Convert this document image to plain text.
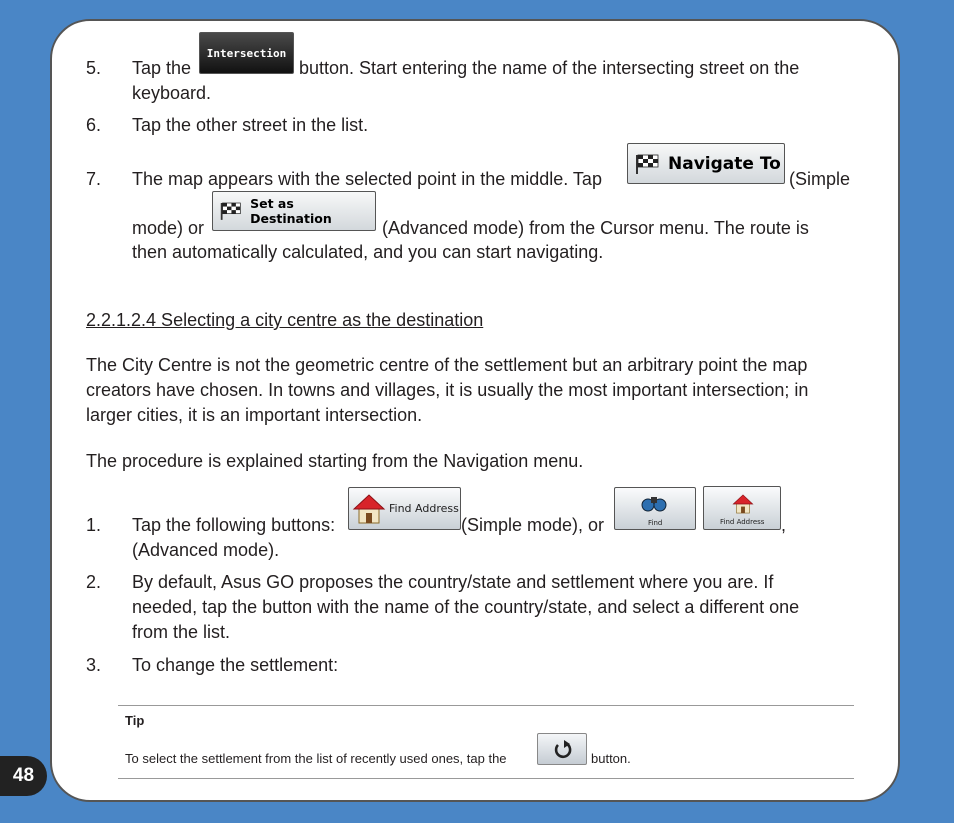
48
5. Tap the
Intersection
button. Start entering the name of the intersecting street on the
keyboard.
6. Tap the other street in the list.
7. The map appears with the selected point in the middle. Tap
Navigate To
(Simple
mode) or
Set as Destination	(Advanced mode) from the Cursor menu. The route is
then automatically calculated, and you can start navigating.
2.2.1.2.4 Selecting a city centre as the destination
The City Centre is not the geometric centre of the settlement but an arbitrary point the map
creators have chosen. In towns and villages, it is usually the most important intersection; in
larger cities, it is an important intersection.
The procedure is explained starting from the Navigation menu.
1. Tap the following buttons:
Find Address
(Simple mode), or	Find	Find Address ,
(Advanced mode).
2. By default, Asus GO proposes the country/state and settlement where you are. If
needed, tap the button with the name of the country/state, and select a different one
from the list.
3. To change the settlement:
Tip
To select the settlement from the list of recently used ones, tap the	button.
